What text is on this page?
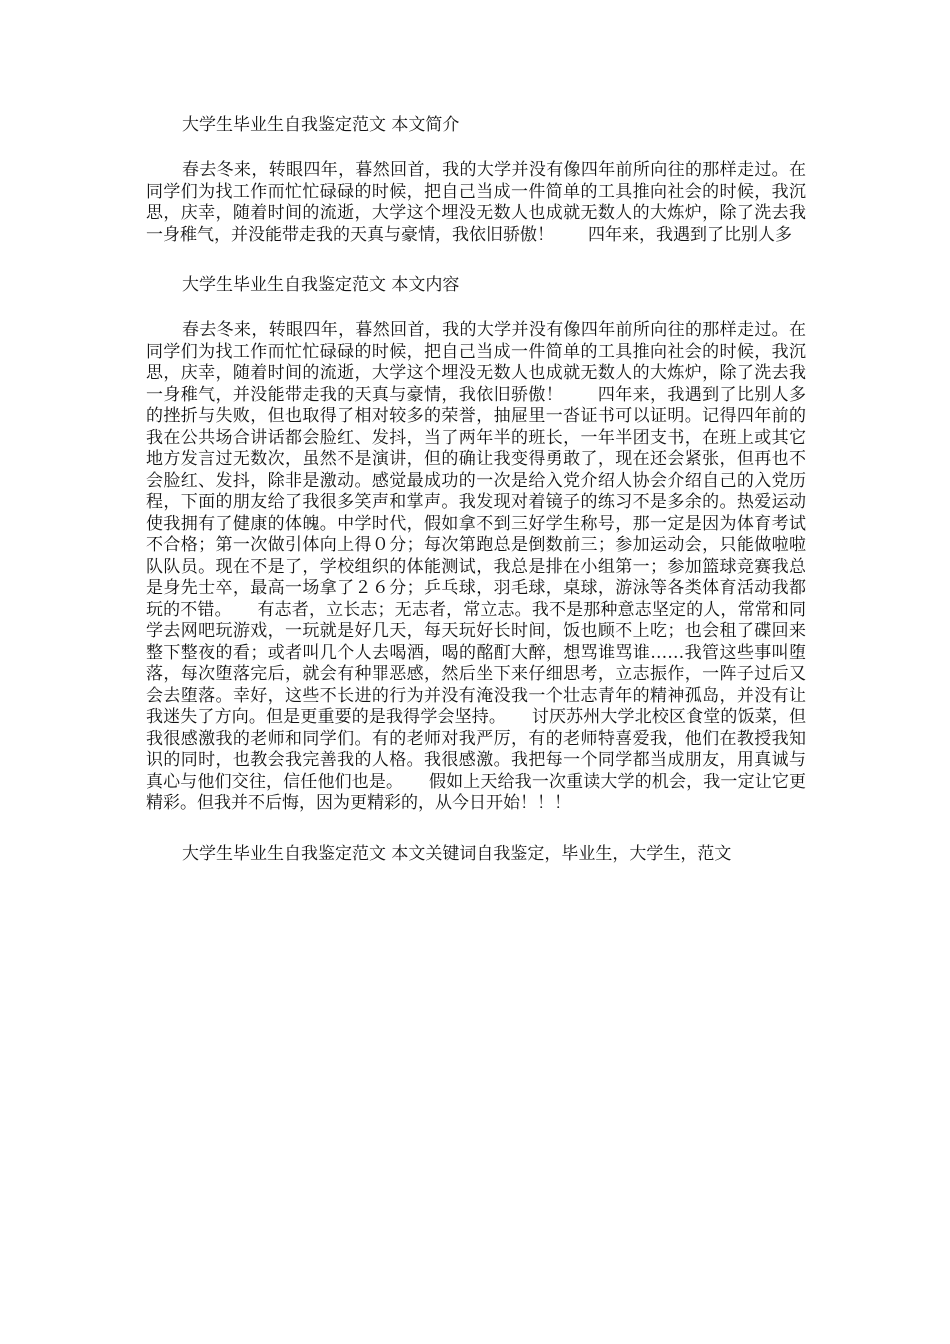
大学生毕业生自我鉴定范文 本文简介

春去冬来，转眼四年，暮然回首，我的大学并没有像四年前所向往的那样走过。在同学们为找工作而忙忙碌碌的时候，把自己当成一件简单的工具推向社会的时候，我沉思，庆幸，随着时间的流逝，大学这个埋没无数人也成就无数人的大炼炉，除了洗去我一身稚气，并没能带走我的天真与豪情，我依旧骄傲！　　四年来，我遇到了比别人多

大学生毕业生自我鉴定范文 本文内容

春去冬来，转眼四年，暮然回首，我的大学并没有像四年前所向往的那样走过。在同学们为找工作而忙忙碌碌的时候，把自己当成一件简单的工具推向社会的时候，我沉思，庆幸，随着时间的流逝，大学这个埋没无数人也成就无数人的大炼炉，除了洗去我一身稚气，并没能带走我的天真与豪情，我依旧骄傲！　　四年来，我遇到了比别人多的挫折与失败，但也取得了相对较多的荣誉，抽屉里一沓证书可以证明。记得四年前的我在公共场合讲话都会脸红、发抖，当了两年半的班长，一年半团支书，在班上或其它地方发言过无数次，虽然不是演讲，但的确让我变得勇敢了，现在还会紧张，但再也不会脸红、发抖，除非是激动。感觉最成功的一次是给入党介绍人协会介绍自己的入党历程，下面的朋友给了我很多笑声和掌声。我发现对着镜子的练习不是多余的。热爱运动使我拥有了健康的体魄。中学时代，假如拿不到三好学生称号，那一定是因为体育考试不合格；第一次做引体向上得０分；每次第跑总是倒数前三；参加运动会，只能做啦啦队队员。现在不是了，学校组织的体能测试，我总是排在小组第一；参加篮球竞赛我总是身先士卒，最高一场拿了２６分；乒乓球，羽毛球，桌球，游泳等各类体育活动我都玩的不错。　　有志者，立长志；无志者，常立志。我不是那种意志坚定的人，常常和同学去网吧玩游戏，一玩就是好几天，每天玩好长时间，饭也顾不上吃；也会租了碟回来整下整夜的看；或者叫几个人去喝酒，喝的酩酊大醉，想骂谁骂谁……我管这些事叫堕落，每次堕落完后，就会有种罪恶感，然后坐下来仔细思考，立志振作，一阵子过后又会去堕落。幸好，这些不长进的行为并没有淹没我一个壮志青年的精神孤岛，并没有让我迷失了方向。但是更重要的是我得学会坚持。　　讨厌苏州大学北校区食堂的饭菜，但我很感激我的老师和同学们。有的老师对我严厉，有的老师特喜爱我，他们在教授我知识的同时，也教会我完善我的人格。我很感激。我把每一个同学都当成朋友，用真诚与真心与他们交往，信任他们也是。　　假如上天给我一次重读大学的机会，我一定让它更精彩。但我并不后悔，因为更精彩的，从今日开始！！！

大学生毕业生自我鉴定范文 本文关键词自我鉴定，毕业生，大学生，范文
